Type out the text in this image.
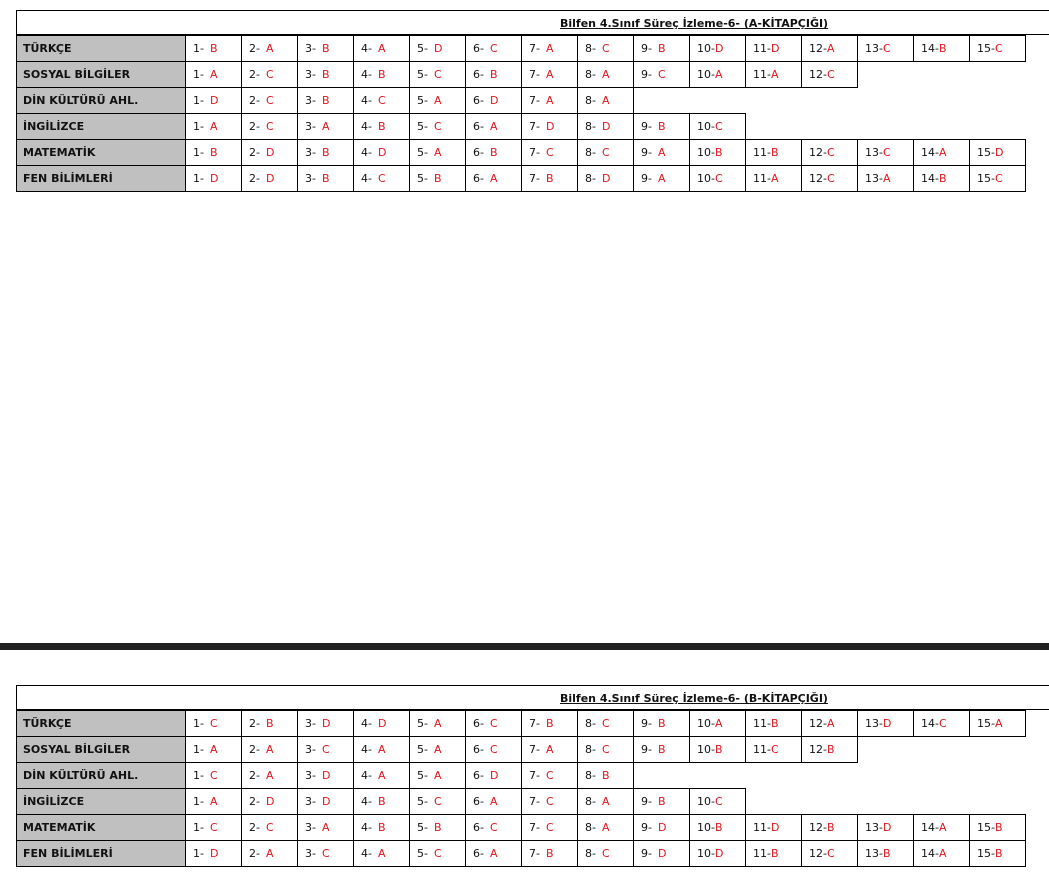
Bilfen 4.Sınıf Süreç İzleme-6- (A-KİTAPÇIĞI)
TÜRKÇE	1- B	2- A	3- B	4- A	5- D	6- C	7- A	8- C	9- B	10-D	11-D	12-A	13-C	14-B	15-C
SOSYAL BİLGİLER	1- A	2- C	3- B	4- B	5- C	6- B	7- A	8- A	9- C	10-A	11-A	12-C			
DİN KÜLTÜRÜ AHL.	1- D	2- C	3- B	4- C	5- A	6- D	7- A	8- A							
İNGİLİZCE	1- A	2- C	3- A	4- B	5- C	6- A	7- D	8- D	9- B	10-C					
MATEMATİK	1- B	2- D	3- B	4- D	5- A	6- B	7- C	8- C	9- A	10-B	11-B	12-C	13-C	14-A	15-D
FEN BİLİMLERİ	1- D	2- D	3- B	4- C	5- B	6- A	7- B	8- D	9- A	10-C	11-A	12-C	13-A	14-B	15-C
Bilfen 4.Sınıf Süreç İzleme-6- (B-KİTAPÇIĞI)
TÜRKÇE	1- C	2- B	3- D	4- D	5- A	6- C	7- B	8- C	9- B	10-A	11-B	12-A	13-D	14-C	15-A
SOSYAL BİLGİLER	1- A	2- A	3- C	4- A	5- A	6- C	7- A	8- C	9- B	10-B	11-C	12-B			
DİN KÜLTÜRÜ AHL.	1- C	2- A	3- D	4- A	5- A	6- D	7- C	8- B							
İNGİLİZCE	1- A	2- D	3- D	4- B	5- C	6- A	7- C	8- A	9- B	10-C					
MATEMATİK	1- C	2- C	3- A	4- B	5- B	6- C	7- C	8- A	9- D	10-B	11-D	12-B	13-D	14-A	15-B
FEN BİLİMLERİ	1- D	2- A	3- C	4- A	5- C	6- A	7- B	8- C	9- D	10-D	11-B	12-C	13-B	14-A	15-B
